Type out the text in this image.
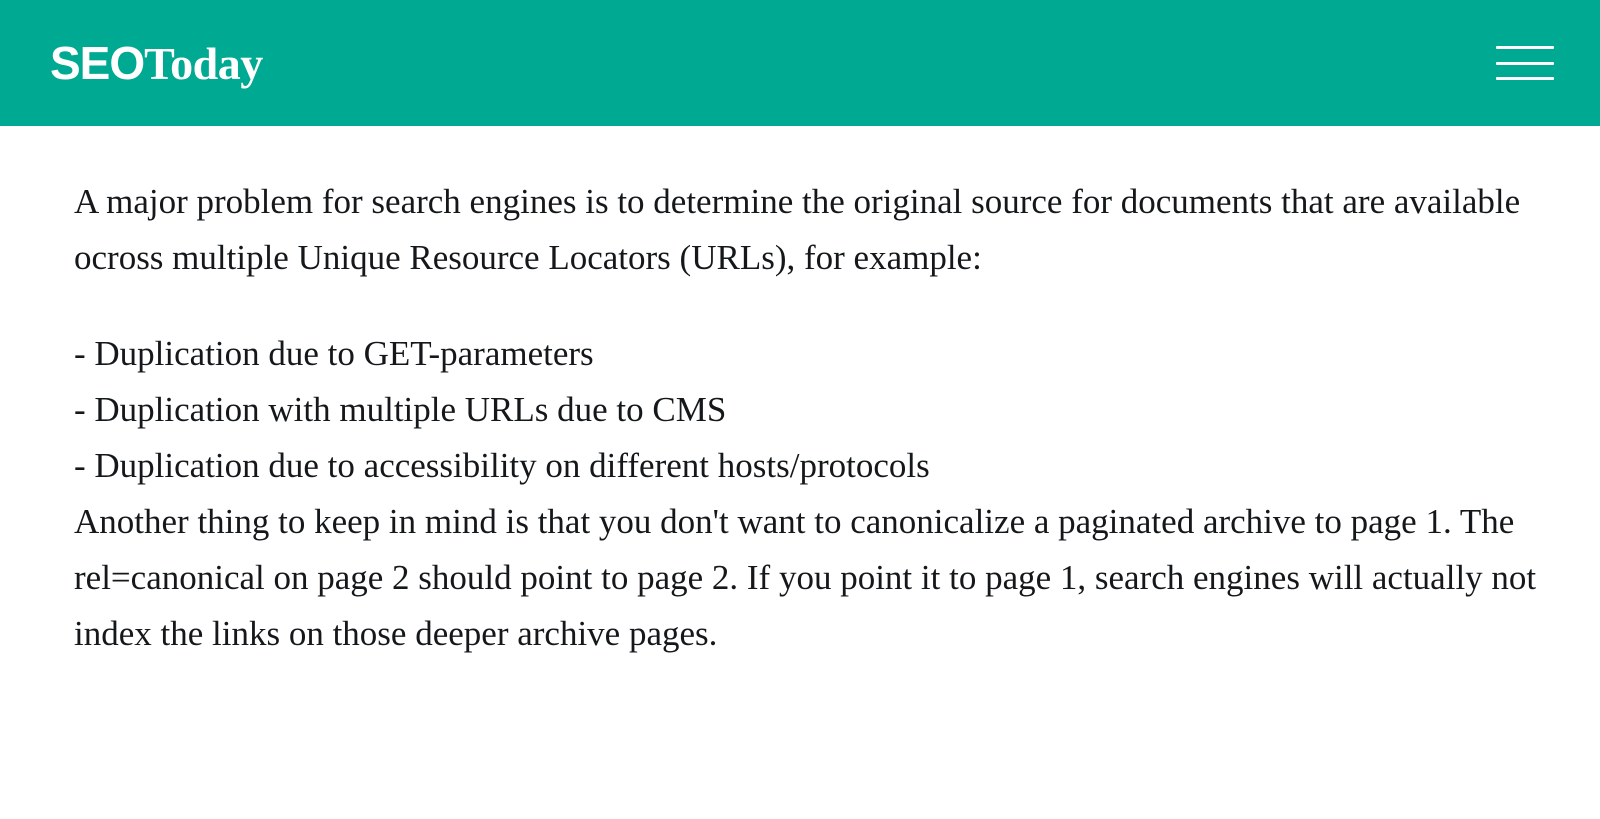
SEOToday

A major problem for search engines is to determine the original source for documents that are available ocross multiple Unique Resource Locators (URLs), for example:

- Duplication due to GET-parameters
- Duplication with multiple URLs due to CMS
- Duplication due to accessibility on different hosts/protocols

Another thing to keep in mind is that you don't want to canonicalize a paginated archive to page 1. The rel=canonical on page 2 should point to page 2. If you point it to page 1, search engines will actually not index the links on those deeper archive pages.
